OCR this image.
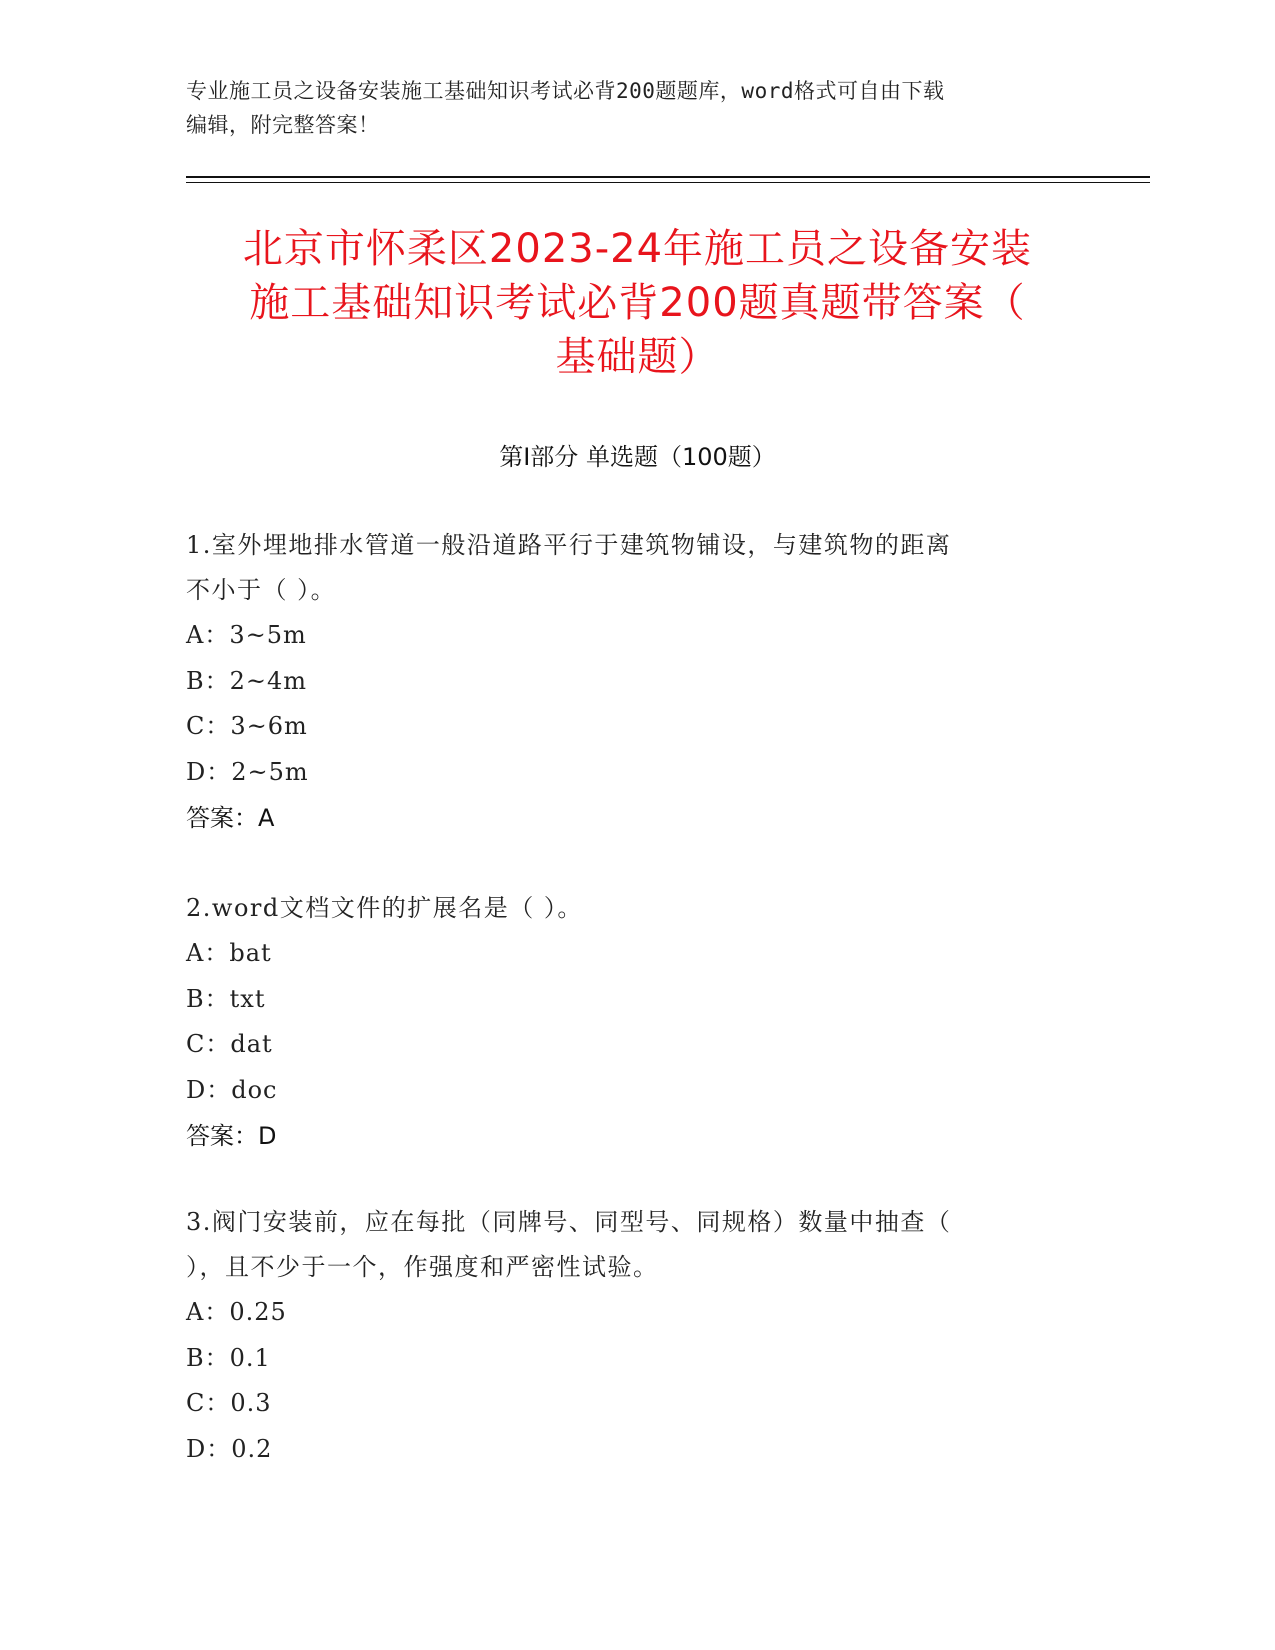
专业施工员之设备安装施工基础知识考试必背200题题库，word格式可自由下载
编辑，附完整答案！
北京市怀柔区2023-24年施工员之设备安装
施工基础知识考试必背200题真题带答案（
基础题）
第Ⅰ部分 单选题（100题）
1.室外埋地排水管道一般沿道路平行于建筑物铺设，与建筑物的距离
不小于（ ）。
A：3~5m
B：2~4m
C：3~6m
D：2~5m
答案：A
2.word文档文件的扩展名是（ ）。
A：bat
B：txt
C：dat
D：doc
答案：D
3.阀门安装前，应在每批（同牌号、同型号、同规格）数量中抽查（
），且不少于一个，作强度和严密性试验。
A：0.25
B：0.1
C：0.3
D：0.2
